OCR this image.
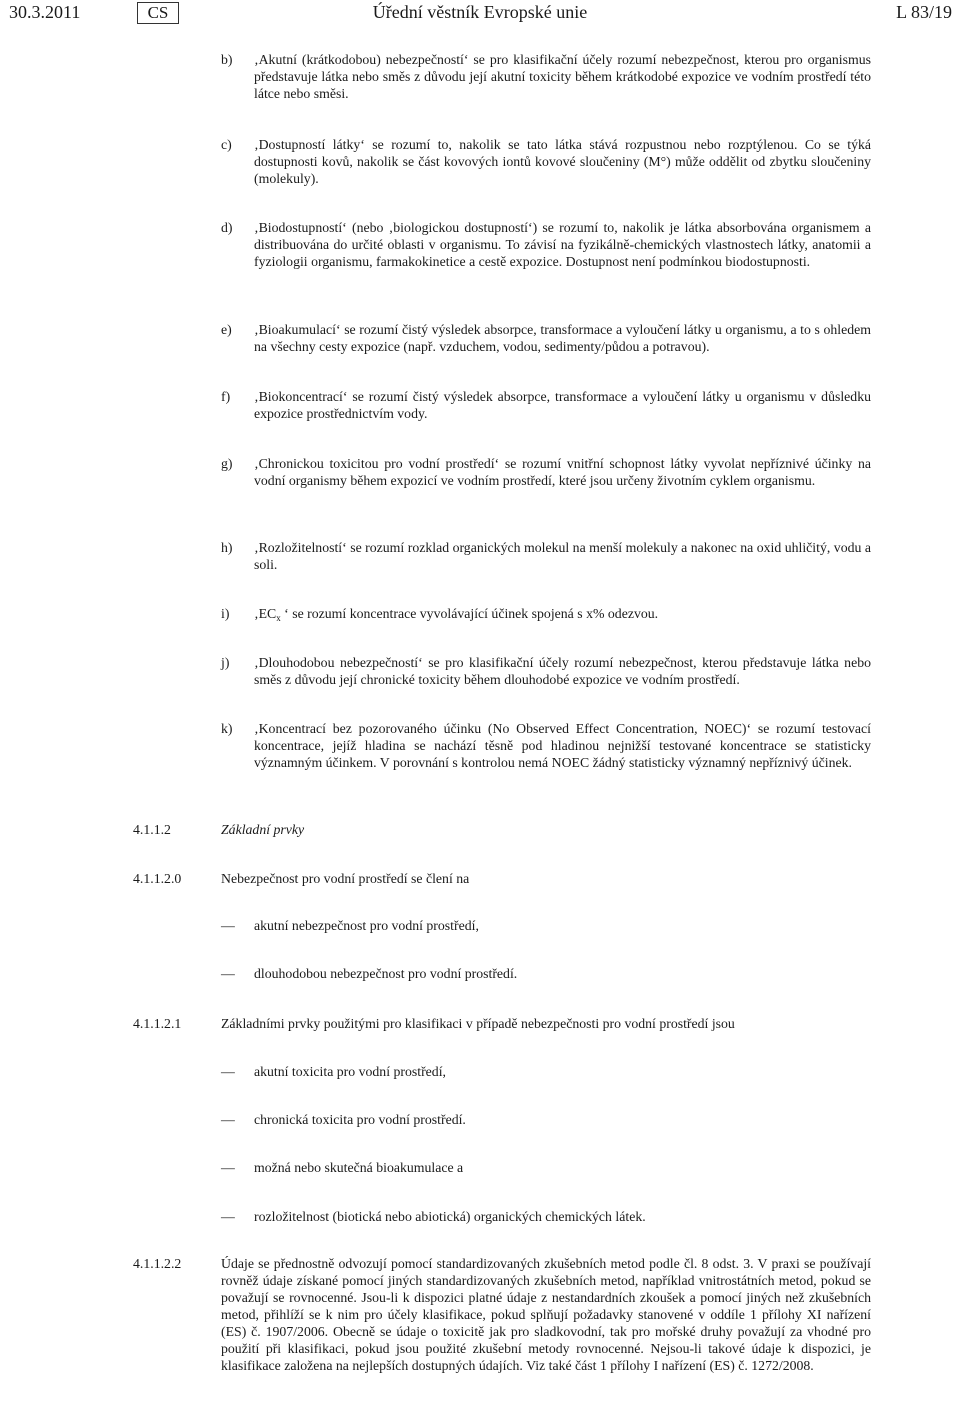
30.3.2011	CS	Úřední věstník Evropské unie	L 83/19
b) ‚Akutní (krátkodobou) nebezpečností‘ se pro klasifikační účely rozumí nebezpečnost, kterou pro organismus představuje látka nebo směs z důvodu její akutní toxicity během krátkodobé expozice ve vodním prostředí této látce nebo směsi.
c) ‚Dostupností látky‘ se rozumí to, nakolik se tato látka stává rozpustnou nebo rozptýlenou. Co se týká dostupnosti kovů, nakolik se část kovových iontů kovové sloučeniny (M°) může oddělit od zbytku sloučeniny (molekuly).
d) ‚Biodostupností‘ (nebo ‚biologickou dostupností‘) se rozumí to, nakolik je látka absorbována organismem a distribuována do určité oblasti v organismu. To závisí na fyzikálně-chemických vlastnostech látky, anatomii a fyziologii organismu, farmakokinetice a cestě expozice. Dostupnost není podmínkou biodostupnosti.
e) ‚Bioakumulací‘ se rozumí čistý výsledek absorpce, transformace a vyloučení látky u organismu, a to s ohledem na všechny cesty expozice (např. vzduchem, vodou, sedimenty/půdou a potravou).
f) ‚Biokoncentrací‘ se rozumí čistý výsledek absorpce, transformace a vyloučení látky u organismu v důsledku expozice prostřednictvím vody.
g) ‚Chronickou toxicitou pro vodní prostředí‘ se rozumí vnitřní schopnost látky vyvolat nepříznivé účinky na vodní organismy během expozicí ve vodním prostředí, které jsou určeny životním cyklem organismu.
h) ‚Rozložitelností‘ se rozumí rozklad organických molekul na menší molekuly a nakonec na oxid uhličitý, vodu a soli.
i) $‚EC_x$ ‘ se rozumí koncentrace vyvolávající účinek spojená s x% odezvou.
j) ‚Dlouhodobou nebezpečností‘ se pro klasifikační účely rozumí nebezpečnost, kterou představuje látka nebo směs z důvodu její chronické toxicity během dlouhodobé expozice ve vodním prostředí.
k) ‚Koncentrací bez pozorovaného účinku (No Observed Effect Concentration, NOEC)‘ se rozumí testovací koncentrace, jejíž hladina se nachází těsně pod hladinou nejnižší testované koncentrace se statisticky významným účinkem. V porovnání s kontrolou nemá NOEC žádný statisticky významný nepříznivý účinek.
4.1.1.2	Základní prvky
4.1.1.2.0	Nebezpečnost pro vodní prostředí se člení na
— akutní nebezpečnost pro vodní prostředí,
— dlouhodobou nebezpečnost pro vodní prostředí.
4.1.1.2.1	Základními prvky použitými pro klasifikaci v případě nebezpečnosti pro vodní prostředí jsou
— akutní toxicita pro vodní prostředí,
— chronická toxicita pro vodní prostředí.
— možná nebo skutečná bioakumulace a
— rozložitelnost (biotická nebo abiotická) organických chemických látek.
4.1.1.2.2	Údaje se přednostně odvozují pomocí standardizovaných zkušebních metod podle čl. 8 odst. 3. V praxi se používají rovněž údaje získané pomocí jiných standardizovaných zkušebních metod, například vnitrostátních metod, pokud se považují se rovnocenné. Jsou-li k dispozici platné údaje z nestandardních zkoušek a pomocí jiných než zkušebních metod, přihlíží se k nim pro účely klasifikace, pokud splňují požadavky stanovené v oddíle 1 přílohy XI nařízení (ES) č. 1907/2006. Obecně se údaje o toxicitě jak pro sladkovodní, tak pro mořské druhy považují za vhodné pro použití při klasifikaci, pokud jsou použité zkušební metody rovnocenné. Nejsou-li takové údaje k dispozici, je klasifikace založena na nejlepších dostupných údajích. Viz také část 1 přílohy I nařízení (ES) č. 1272/2008.
